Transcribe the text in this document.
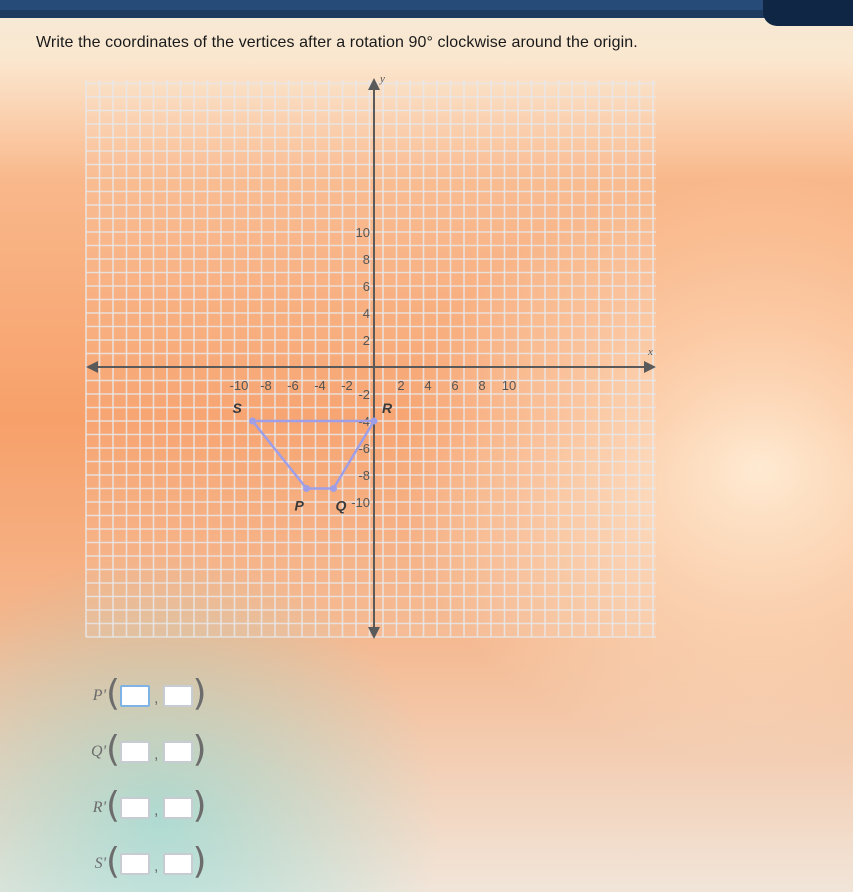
Write the coordinates of the vertices after a rotation 90° clockwise around the origin.
x
y
-10 -8 -6 -4 -2	2 4 6 8 10
10
8
6
4
2
-2
-4
-6
-8
-10
S	R
Q
P
P' ( , )
Q' ( , )
R' ( , )
S' ( , )
